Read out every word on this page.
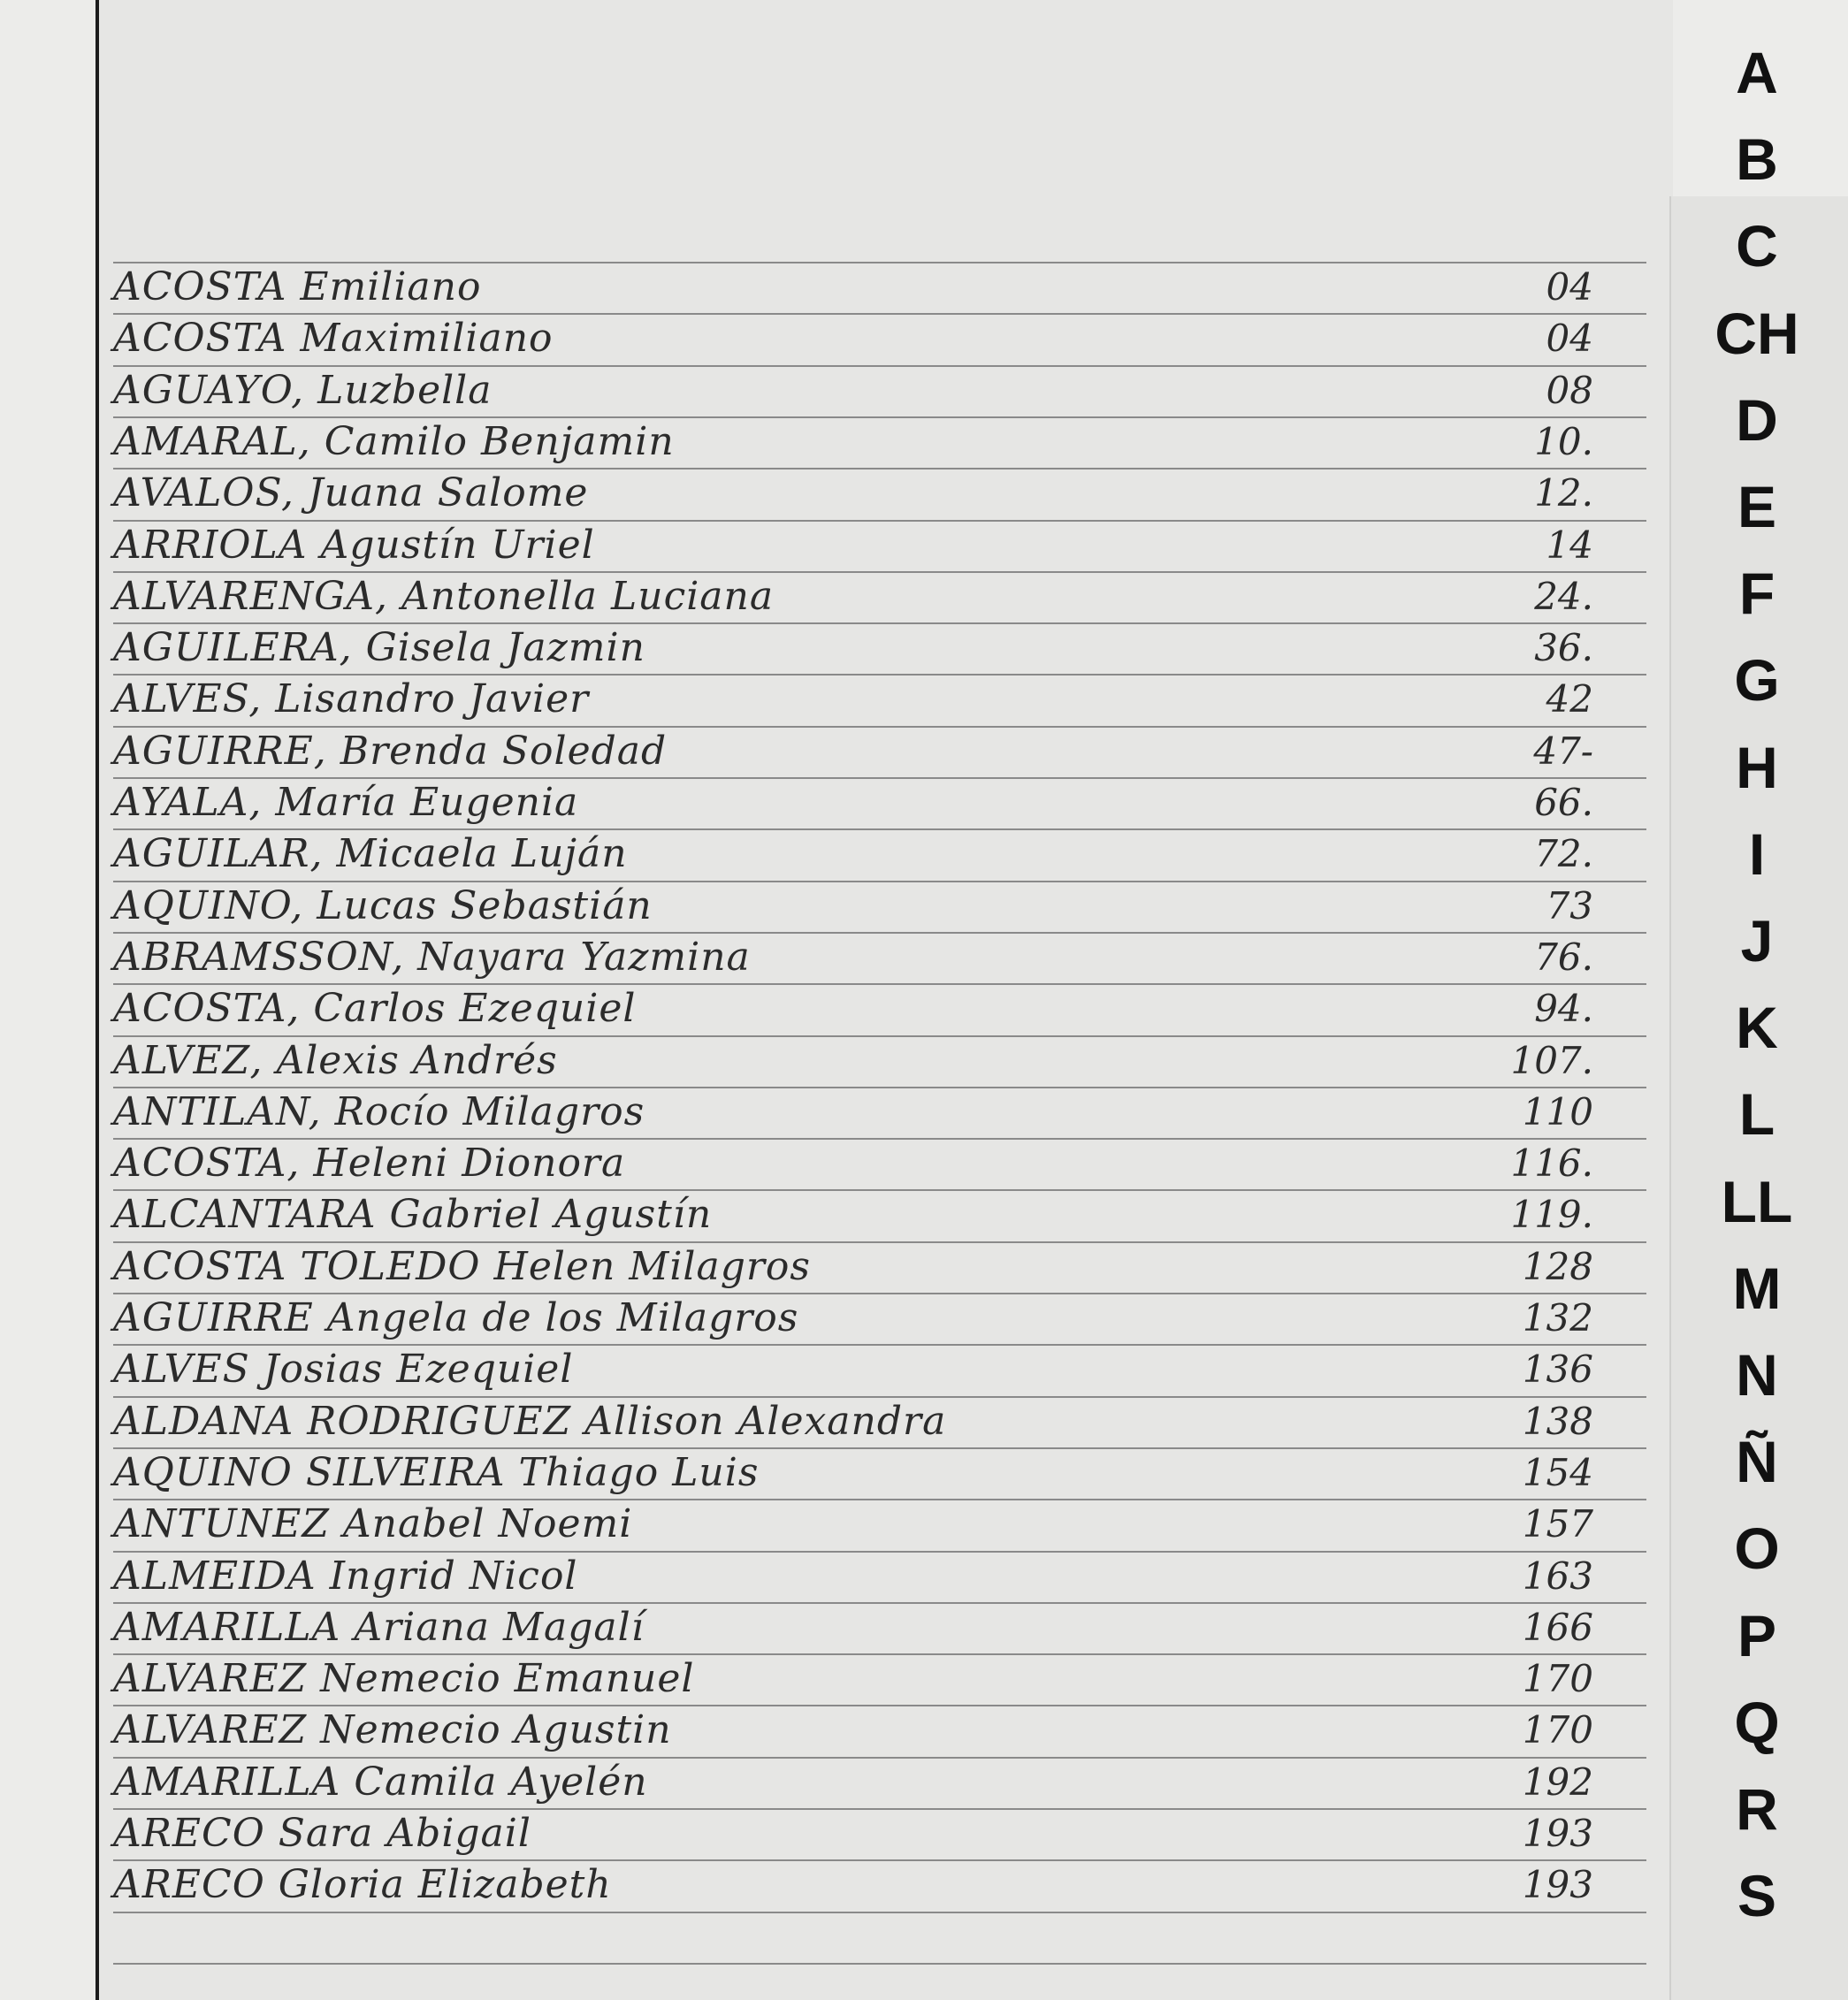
ACOSTA Emiliano	04
ACOSTA Maximiliano	04
AGUAYO, Luzbella	08
AMARAL, Camilo Benjamin	10.
AVALOS, Juana Salome	12.
ARRIOLA Agustín Uriel	14
ALVARENGA, Antonella Luciana	24.
AGUILERA, Gisela Jazmin	36.
ALVES, Lisandro Javier	42
AGUIRRE, Brenda Soledad	47-
AYALA, María Eugenia	66.
AGUILAR, Micaela Luján	72.
AQUINO, Lucas Sebastián	73
ABRAMSSON, Nayara Yazmina	76.
ACOSTA, Carlos Ezequiel	94.
ALVEZ, Alexis Andrés	107.
ANTILAN, Rocío Milagros	110
ACOSTA, Heleni Dionora	116.
ALCANTARA Gabriel Agustín	119.
ACOSTA TOLEDO Helen Milagros	128
AGUIRRE Angela de los Milagros	132
ALVES Josias Ezequiel	136
ALDANA RODRIGUEZ Allison Alexandra	138
AQUINO SILVEIRA Thiago Luis	154
ANTUNEZ Anabel Noemi	157
ALMEIDA Ingrid Nicol	163
AMARILLA Ariana Magalí	166
ALVAREZ Nemecio Emanuel	170
ALVAREZ Nemecio Agustin	170
AMARILLA Camila Ayelén	192
ARECO Sara Abigail	193
ARECO Gloria Elizabeth	193
A
B
C
CH
D
E
F
G
H
I
J
K
L
LL
M
N
Ñ
O
P
Q
R
S
